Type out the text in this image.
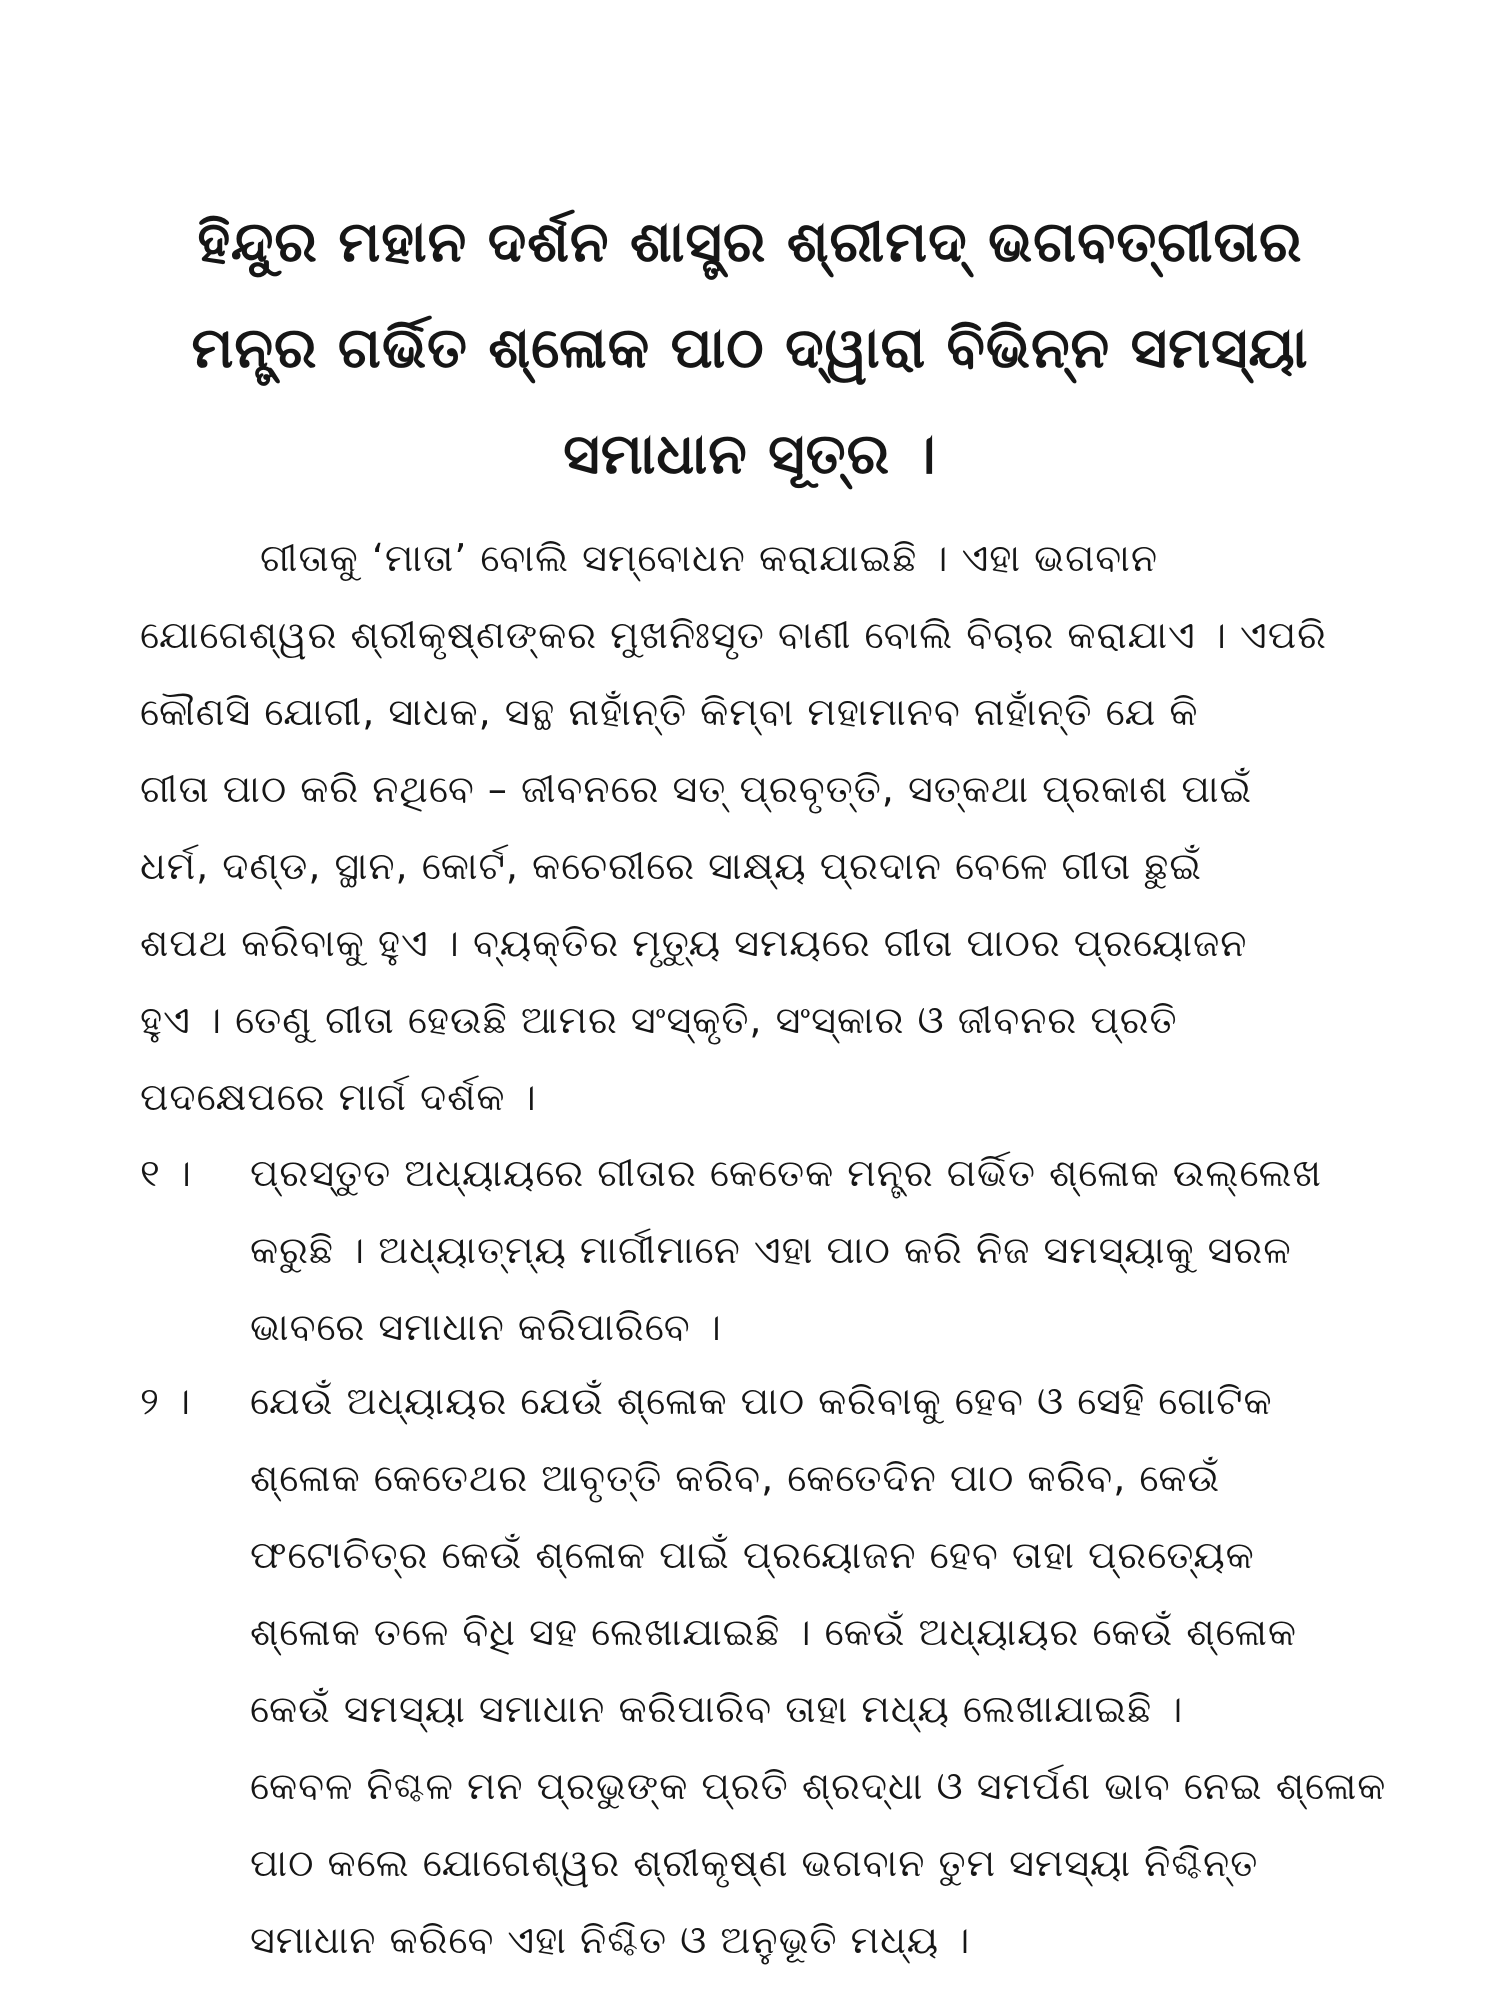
ହିନ୍ଦୁର ମହାନ ଦର୍ଶନ ଶାସ୍ତ୍ର ଶ୍ରୀମଦ୍ ଭଗବତ୍‌ଗୀତାର
ମନ୍ତ୍ର ଗର୍ଭିତ ଶ୍ଳୋକ ପାଠ ଦ୍ୱାରା ବିଭିନ୍ନ ସମସ୍ୟା
ସମାଧାନ ସୂତ୍ର ।
ଗୀତାକୁ ‘ମାତା’ ବୋଲି ସମ୍ବୋଧନ କରାଯାଇଛି । ଏହା ଭଗବାନ
ଯୋଗେଶ୍ୱର ଶ୍ରୀକୃଷ୍ଣଙ୍କର ମୁଖନିଃସୃତ ବାଣୀ ବୋଲି ବିଚାର କରାଯାଏ । ଏପରି
କୌଣସି ଯୋଗୀ, ସାଧକ, ସନ୍ଥ ନାହାଁନ୍ତି କିମ୍ବା ମହାମାନବ ନାହାଁନ୍ତି ଯେ କି
ଗୀତା ପାଠ କରି ନଥିବେ – ଜୀବନରେ ସତ୍ ପ୍ରବୃତ୍ତି, ସତ୍‌କଥା ପ୍ରକାଶ ପାଇଁ
ଧର୍ମ, ଦଣ୍ଡ, ସ୍ଥାନ, କୋର୍ଟ, କଚେରୀରେ ସାକ୍ଷ୍ୟ ପ୍ରଦାନ ବେଳେ ଗୀତା ଛୁଇଁ
ଶପଥ କରିବାକୁ ହୁଏ । ବ୍ୟକ୍ତିର ମୃତ୍ୟୁ ସମୟରେ ଗୀତା ପାଠର ପ୍ରୟୋଜନ
ହୁଏ । ତେଣୁ ଗୀତା ହେଉଛି ଆମର ସଂସ୍କୃତି, ସଂସ୍କାର ଓ ଜୀବନର ପ୍ରତି
ପଦକ୍ଷେପରେ ମାର୍ଗ ଦର୍ଶକ ।
୧ ।	ପ୍ରସ୍ତୁତ ଅଧ୍ୟାୟରେ ଗୀତାର କେତେକ ମନ୍ତ୍ର ଗର୍ଭିତ ଶ୍ଳୋକ ଉଲ୍ଲେଖ
କରୁଛି । ଅଧ୍ୟାତ୍ମ୍ୟ ମାର୍ଗୀମାନେ ଏହା ପାଠ କରି ନିଜ ସମସ୍ୟାକୁ ସରଳ
ଭାବରେ ସମାଧାନ କରିପାରିବେ ।
୨ ।	ଯେଉଁ ଅଧ୍ୟାୟର ଯେଉଁ ଶ୍ଳୋକ ପାଠ କରିବାକୁ ହେବ ଓ ସେହି ଗୋଟିକ
ଶ୍ଳୋକ କେତେଥର ଆବୃତ୍ତି କରିବ, କେତେଦିନ ପାଠ କରିବ, କେଉଁ
ଫଟୋଚିତ୍ର କେଉଁ ଶ୍ଳୋକ ପାଇଁ ପ୍ରୟୋଜନ ହେବ ତାହା ପ୍ରତ୍ୟେକ
ଶ୍ଳୋକ ତଳେ ବିଧି ସହ ଲେଖାଯାଇଛି । କେଉଁ ଅଧ୍ୟାୟର କେଉଁ ଶ୍ଳୋକ
କେଉଁ ସମସ୍ୟା ସମାଧାନ କରିପାରିବ ତାହା ମଧ୍ୟ ଲେଖାଯାଇଛି ।
କେବଳ ନିଶ୍ଚଳ ମନ ପ୍ରଭୁଙ୍କ ପ୍ରତି ଶ୍ରଦ୍ଧା ଓ ସମର୍ପଣ ଭାବ ନେଇ ଶ୍ଳୋକ
ପାଠ କଲେ ଯୋଗେଶ୍ୱର ଶ୍ରୀକୃଷ୍ଣ ଭଗବାନ ତୁମ ସମସ୍ୟା ନିଶ୍ଚିନ୍ତ
ସମାଧାନ କରିବେ ଏହା ନିଶ୍ଚିତ ଓ ଅନୁଭୂତି ମଧ୍ୟ ।
